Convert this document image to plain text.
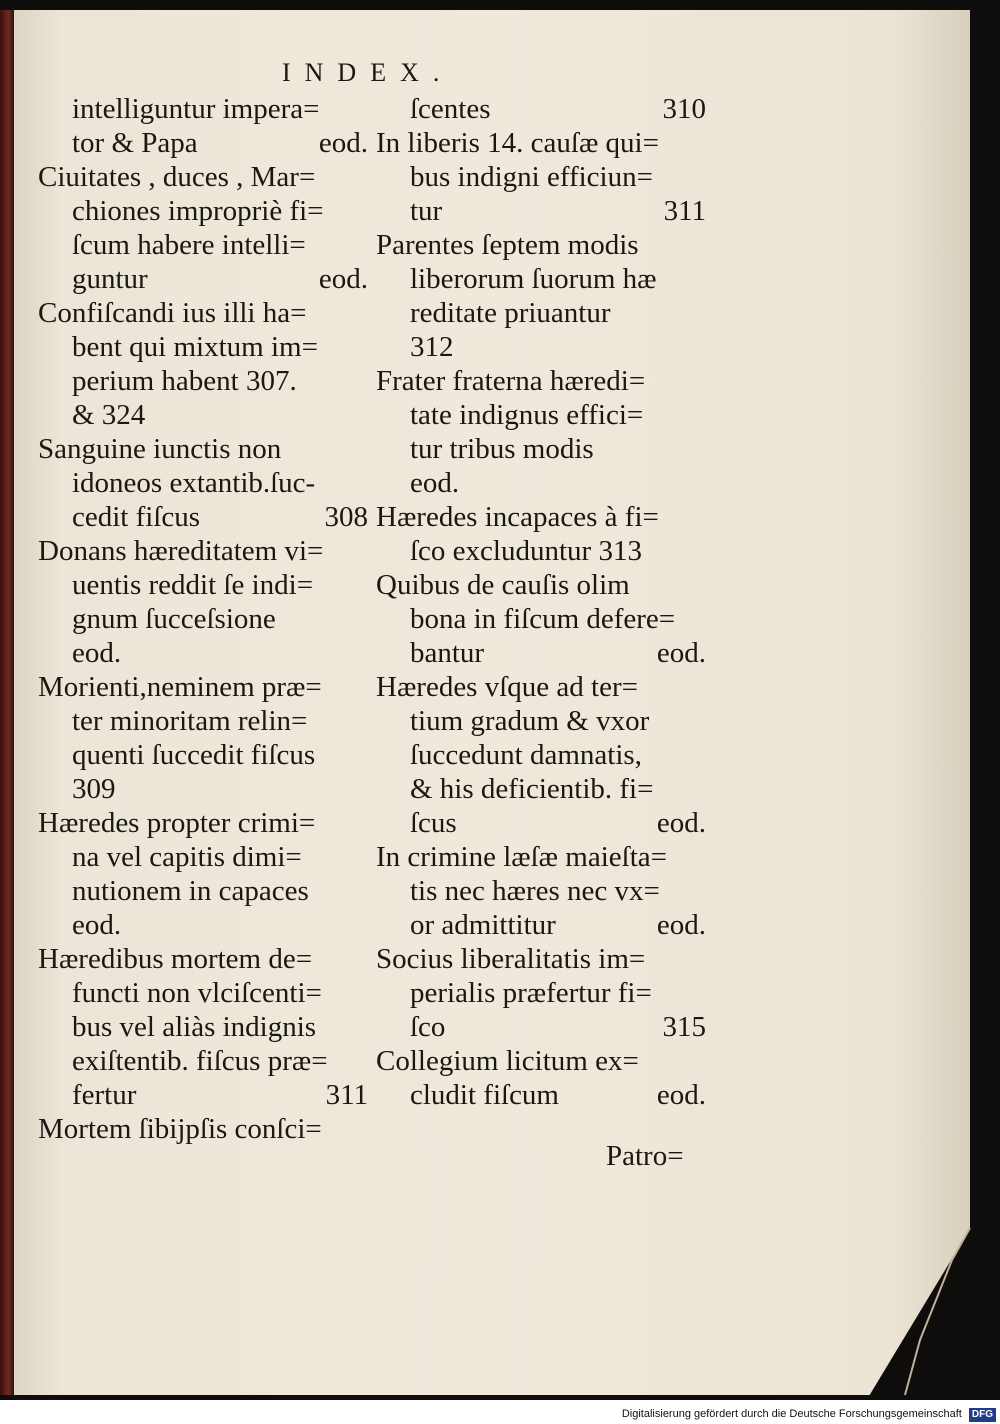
INDEX.
intelliguntur impera=
tor & Papa	eod.
Ciuitates , duces , Mar=
chiones impropriè fi=
ſcum habere intelli=
guntur	eod.
Confiſcandi ius illi ha=
bent qui mixtum im=
perium habent 307.
& 324
Sanguine iunctis non
idoneos extantib.ſuc-
cedit fiſcus	308
Donans hæreditatem vi=
uentis reddit ſe indi=
gnum ſucceſsione
eod.
Morienti,neminem præ=
ter minoritam relin=
quenti ſuccedit fiſcus
309
Hæredes propter crimi=
na vel capitis dimi=
nutionem in capaces
eod.
Hæredibus mortem de=
functi non vlciſcenti=
bus vel aliàs indignis
exiſtentib. fiſcus præ=
fertur	311
Mortem ſibijpſis conſci=
ſcentes	310
In liberis 14. cauſæ qui=
bus indigni efficiun=
tur	311
Parentes ſeptem modis
liberorum ſuorum hæ
reditate priuantur
312
Frater fraterna hæredi=
tate indignus effici=
tur tribus modis
eod.
Hæredes incapaces à fi=
ſco excluduntur 313
Quibus de cauſis olim
bona in fiſcum defere=
bantur	eod.
Hæredes vſque ad ter=
tium gradum & vxor
ſuccedunt damnatis,
& his deficientib. fi=
ſcus	eod.
In crimine læſæ maieſta=
tis nec hæres nec vx=
or admittitur	eod.
Socius liberalitatis im=
perialis præfertur fi=
ſco	315
Collegium licitum ex=
cludit fiſcum	eod.
Patro=
Digitalisierung gefördert durch die Deutsche Forschungsgemeinschaft DFG
